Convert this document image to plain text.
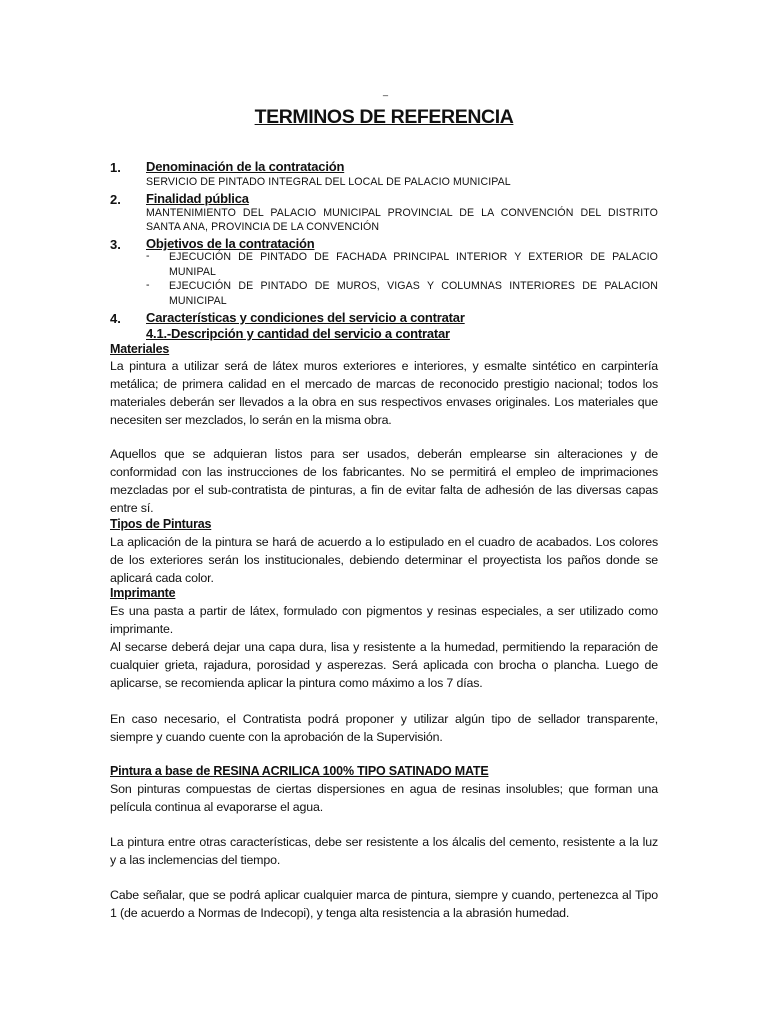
_
TERMINOS DE REFERENCIA
1. Denominación de la contratación
SERVICIO DE PINTADO INTEGRAL DEL LOCAL DE PALACIO MUNICIPAL
2. Finalidad pública
MANTENIMIENTO DEL PALACIO MUNICIPAL PROVINCIAL DE LA CONVENCIÓN DEL DISTRITO
SANTA ANA, PROVINCIA DE LA CONVENCIÓN
3. Objetivos de la contratación
- EJECUCIÓN DE PINTADO DE FACHADA PRINCIPAL INTERIOR Y EXTERIOR DE PALACIO
MUNIPAL
- EJECUCIÓN DE PINTADO DE MUROS, VIGAS Y COLUMNAS INTERIORES DE PALACION
MUNICIPAL
4. Características y condiciones del servicio a contratar
4.1.-Descripción y cantidad del servicio a contratar
Materiales
La pintura a utilizar será de látex muros exteriores e interiores, y esmalte sintético en carpintería metálica; de primera calidad en el mercado de marcas de reconocido prestigio nacional; todos los materiales deberán ser llevados a la obra en sus respectivos envases originales. Los materiales que necesiten ser mezclados, lo serán en la misma obra.
Aquellos que se adquieran listos para ser usados, deberán emplearse sin alteraciones y de conformidad con las instrucciones de los fabricantes. No se permitirá el empleo de imprimaciones mezcladas por el sub-contratista de pinturas, a fin de evitar falta de adhesión de las diversas capas entre sí.
Tipos de Pinturas
La aplicación de la pintura se hará de acuerdo a lo estipulado en el cuadro de acabados. Los colores de los exteriores serán los institucionales, debiendo determinar el proyectista los paños donde se aplicará cada color.
Imprimante
Es una pasta a partir de látex, formulado con pigmentos y resinas especiales, a ser utilizado como imprimante.
Al secarse deberá dejar una capa dura, lisa y resistente a la humedad, permitiendo la reparación de cualquier grieta, rajadura, porosidad y asperezas. Será aplicada con brocha o plancha. Luego de aplicarse, se recomienda aplicar la pintura como máximo a los 7 días.
En caso necesario, el Contratista podrá proponer y utilizar algún tipo de sellador transparente, siempre y cuando cuente con la aprobación de la Supervisión.
Pintura a base de RESINA ACRILICA 100% TIPO SATINADO MATE
Son pinturas compuestas de ciertas dispersiones en agua de resinas insolubles; que forman una película continua al evaporarse el agua.
La pintura entre otras características, debe ser resistente a los álcalis del cemento, resistente a la luz y a las inclemencias del tiempo.
Cabe señalar, que se podrá aplicar cualquier marca de pintura, siempre y cuando, pertenezca al Tipo 1 (de acuerdo a Normas de Indecopi), y tenga alta resistencia a la abrasión humedad.
